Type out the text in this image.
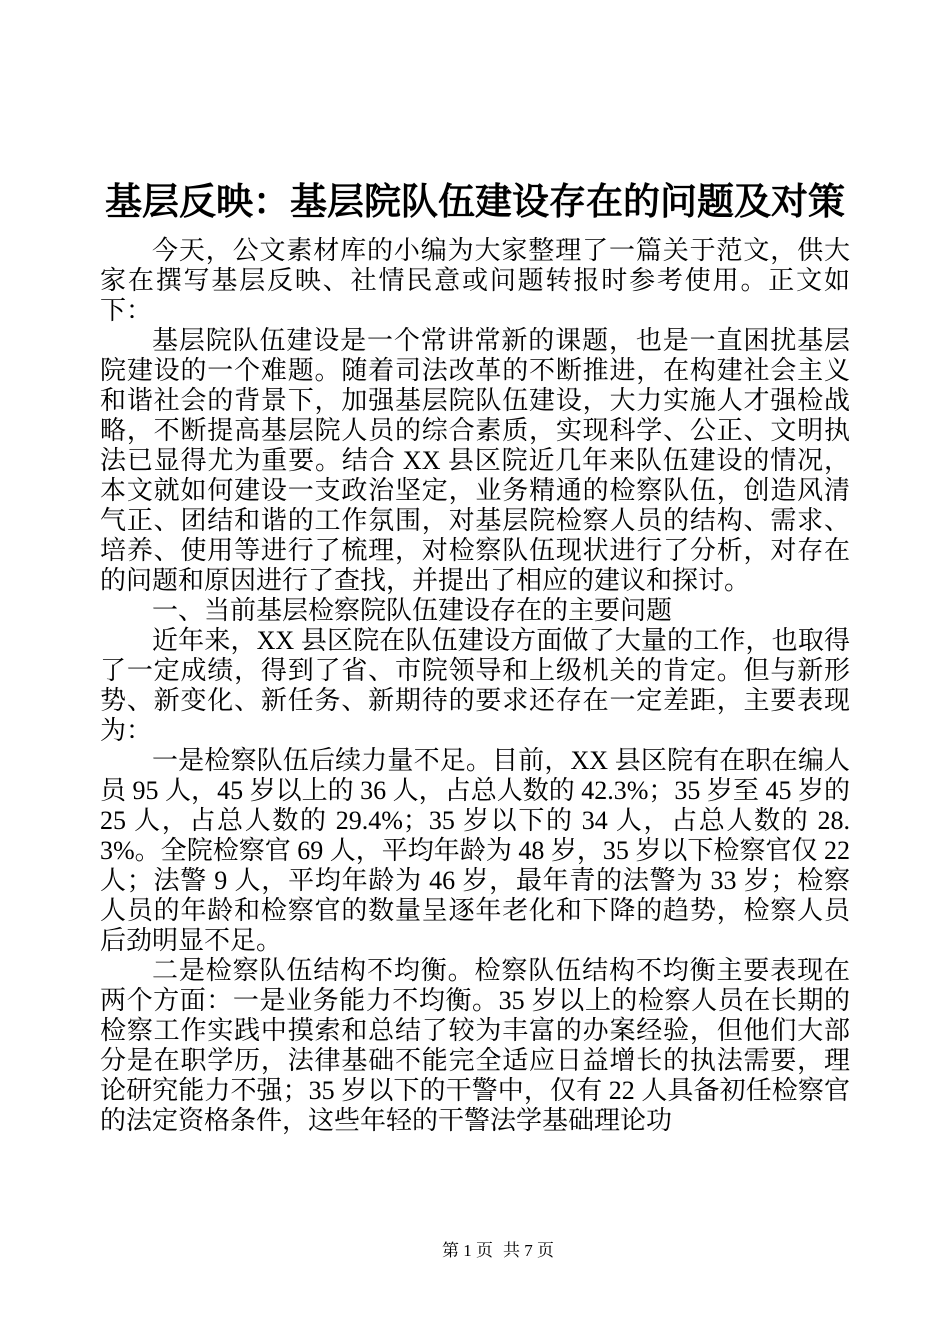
基层反映：基层院队伍建设存在的问题及对策

今天，公文素材库的小编为大家整理了一篇关于范文，供大家在撰写基层反映、社情民意或问题转报时参考使用。正文如下：

基层院队伍建设是一个常讲常新的课题，也是一直困扰基层院建设的一个难题。随着司法改革的不断推进，在构建社会主义和谐社会的背景下，加强基层院队伍建设，大力实施人才强检战略，不断提高基层院人员的综合素质，实现科学、公正、文明执法已显得尤为重要。结合 XX 县区院近几年来队伍建设的情况，本文就如何建设一支政治坚定，业务精通的检察队伍，创造风清气正、团结和谐的工作氛围，对基层院检察人员的结构、需求、培养、使用等进行了梳理，对检察队伍现状进行了分析，对存在的问题和原因进行了查找，并提出了相应的建议和探讨。

一、当前基层检察院队伍建设存在的主要问题

近年来，XX 县区院在队伍建设方面做了大量的工作，也取得了一定成绩，得到了省、市院领导和上级机关的肯定。但与新形势、新变化、新任务、新期待的要求还存在一定差距，主要表现为：

一是检察队伍后续力量不足。目前，XX 县区院有在职在编人员 95 人，45 岁以上的 36 人，占总人数的 42.3%；35 岁至 45 岁的 25 人，占总人数的 29.4%；35 岁以下的 34 人，占总人数的 28.3%。全院检察官 69 人，平均年龄为 48 岁，35 岁以下检察官仅 22 人；法警 9 人，平均年龄为 46 岁，最年青的法警为 33 岁；检察人员的年龄和检察官的数量呈逐年老化和下降的趋势，检察人员后劲明显不足。

二是检察队伍结构不均衡。检察队伍结构不均衡主要表现在两个方面：一是业务能力不均衡。35 岁以上的检察人员在长期的检察工作实践中摸索和总结了较为丰富的办案经验，但他们大部分是在职学历，法律基础不能完全适应日益增长的执法需要，理论研究能力不强；35 岁以下的干警中，仅有 22 人具备初任检察官的法定资格条件，这些年轻的干警法学基础理论功

第 1 页 共 7 页
